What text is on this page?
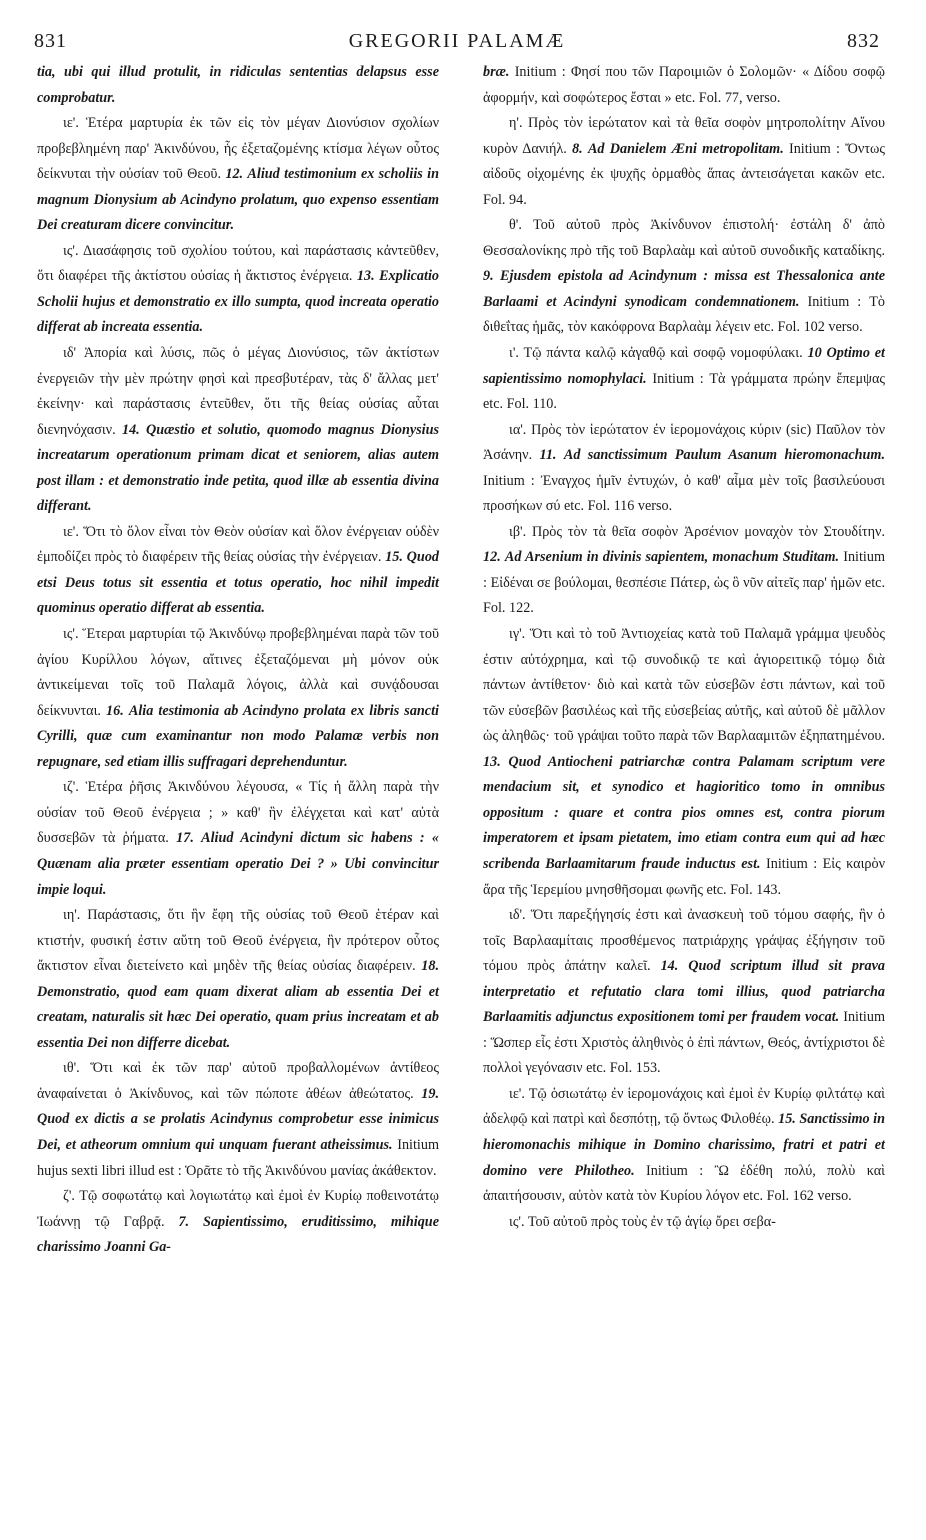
831	GREGORII PALAMÆ	832

tia, ubi qui illud protulit, in ridiculas sententias delapsus esse comprobatur.

ιε'. Ἑτέρα μαρτυρία ἐκ τῶν εἰς τὸν μέγαν Διονύσιον σχολίων προβεβλημένη παρ' Ἀκινδύνου, ἧς ἐξεταζομένης κτίσμα λέγων οὗτος δείκνυται τὴν οὐσίαν τοῦ Θεοῦ. 12. Aliud testimonium ex scholiis in magnum Dionysium ab Acindyno prolatum, quo expenso essentiam Dei creaturam dicere convincitur.

ις'. Διασάφησις τοῦ σχολίου τούτου, καὶ παράστασις κἀντεῦθεν, ὅτι διαφέρει τῆς ἀκτίστου οὐσίας ἡ ἄκτιστος ἐνέργεια. 13. Explicatio Scholii hujus et demonstratio ex illo sumpta, quod increata operatio differat ab increata essentia.

ιδ' Ἀπορία καὶ λύσις, πῶς ὁ μέγας Διονύσιος, τῶν ἀκτίστων ἐνεργειῶν τὴν μὲν πρώτην φησὶ καὶ πρεσβυτέραν, τὰς δ' ἄλλας μετ' ἐκείνην· καὶ παράστασις ἐντεῦθεν, ὅτι τῆς θείας οὐσίας αὗται διενηνόχασιν. 14. Quæstio et solutio, quomodo magnus Dionysius increatarum operationum primam dicat et seniorem, alias autem post illam : et demonstratio inde petita, quod illæ ab essentia divina differant.

ιε'. Ὅτι τὸ ὅλον εἶναι τὸν Θεὸν οὐσίαν καὶ ὅλον ἐνέργειαν οὐδὲν ἐμποδίζει πρὸς τὸ διαφέρειν τῆς θείας οὐσίας τὴν ἐνέργειαν. 15. Quod etsi Deus totus sit essentia et totus operatio, hoc nihil impedit quominus operatio differat ab essentia.

ις'. Ἕτεραι μαρτυρίαι τῷ Ἀκινδύνῳ προβεβλημέναι παρὰ τῶν τοῦ ἁγίου Κυρίλλου λόγων, αἵτινες ἐξεταζόμεναι μὴ μόνον οὐκ ἀντικείμεναι τοῖς τοῦ Παλαμᾶ λόγοις, ἀλλὰ καὶ συνᾴδουσαι δείκνυνται. 16. Alia testimonia ab Acindyno prolata ex libris sancti Cyrilli, quæ cum examinantur non modo Palamæ verbis non repugnare, sed etiam illis suffragari deprehenduntur.

ιζ'. Ἑτέρα ῥῆσις Ἀκινδύνου λέγουσα, « Τίς ἡ ἄλλη παρὰ τὴν οὐσίαν τοῦ Θεοῦ ἐνέργεια ; » καθ' ἣν ἐλέγχεται καὶ κατ' αὐτὰ δυσσεβῶν τὰ ῥήματα. 17. Aliud Acindyni dictum sic habens : « Quænam alia præter essentiam operatio Dei ? » Ubi convincitur impie loqui.

ιη'. Παράστασις, ὅτι ἣν ἔφη τῆς οὐσίας τοῦ Θεοῦ ἑτέραν καὶ κτιστήν, φυσική ἐστιν αὕτη τοῦ Θεοῦ ἐνέργεια, ἣν πρότερον οὗτος ἄκτιστον εἶναι διετείνετο καὶ μηδὲν τῆς θείας οὐσίας διαφέρειν. 18. Demonstratio, quod eam quam dixerat aliam ab essentia Dei et creatam, naturalis sit hæc Dei operatio, quam prius increatam et ab essentia Dei non differre dicebat.

ιθ'. Ὅτι καὶ ἐκ τῶν παρ' αὐτοῦ προβαλλομένων ἀντίθεος ἀναφαίνεται ὁ Ἀκίνδυνος, καὶ τῶν πώποτε ἀθέων ἀθεώτατος. 19. Quod ex dictis a se prolatis Acindynus comprobetur esse inimicus Dei, et atheorum omnium qui unquam fuerant atheissimus. Initium hujus sexti libri illud est : Ὁρᾶτε τὸ τῆς Ἀκινδύνου μανίας ἀκάθεκτον.

ζ'. Τῷ σοφωτάτῳ καὶ λογιωτάτῳ καὶ ἐμοὶ ἐν Κυρίῳ ποθεινοτάτῳ Ἰωάννῃ τῷ Γαβρᾷ. 7. Sapientissimo, eruditissimo, mihique charissimo Joanni Ga-

bræ. Initium : Φησί που τῶν Παροιμιῶν ὁ Σολομῶν· « Δίδου σοφῷ ἀφορμήν, καὶ σοφώτερος ἔσται » etc. Fol. 77, verso.

η'. Πρὸς τὸν ἱερώτατον καὶ τὰ θεῖα σοφὸν μητροπολίτην Αἴνου κυρὸν Δανιήλ. 8. Ad Danielem Æni metropolitam. Initium : Ὄντως αἰδοῦς οἰχομένης ἐκ ψυχῆς ὁρμαθὸς ἅπας ἀντεισάγεται κακῶν etc. Fol. 94.

θ'. Τοῦ αὐτοῦ πρὸς Ἀκίνδυνον ἐπιστολή· ἐστάλη δ' ἀπὸ Θεσσαλονίκης πρὸ τῆς τοῦ Βαρλαὰμ καὶ αὐτοῦ συνοδικῆς καταδίκης. 9. Ejusdem epistola ad Acindynum : missa est Thessalonica ante Barlaami et Acindyni synodicam condemnationem. Initium : Τὸ διθεΐτας ἡμᾶς, τὸν κακόφρονα Βαρλαὰμ λέγειν etc. Fol. 102 verso.

ι'. Τῷ πάντα καλῷ κἀγαθῷ καὶ σοφῷ νομοφύλακι. 10 Optimo et sapientissimo nomophylaci. Initium : Τὰ γράμματα πρώην ἔπεμψας etc. Fol. 110.

ια'. Πρὸς τὸν ἱερώτατον ἐν ἱερομονάχοις κύριν (sic) Παῦλον τὸν Ἀσάνην. 11. Ad sanctissimum Paulum Asanum hieromonachum. Initium : Ἐναγχος ἡμῖν ἐντυχών, ὁ καθ' αἷμα μὲν τοῖς βασιλεύουσι προσήκων σύ etc. Fol. 116 verso.

ιβ'. Πρὸς τὸν τὰ θεῖα σοφὸν Ἀρσένιον μοναχὸν τὸν Στουδίτην. 12. Ad Arsenium in divinis sapientem, monachum Studitam. Initium : Εἰδέναι σε βούλομαι, θεσπέσιε Πάτερ, ὡς ὃ νῦν αἰτεῖς παρ' ἡμῶν etc. Fol. 122.

ιγ'. Ὅτι καὶ τὸ τοῦ Ἀντιοχείας κατὰ τοῦ Παλαμᾶ γράμμα ψευδὸς ἐστιν αὐτόχρημα, καὶ τῷ συνοδικῷ τε καὶ ἁγιορειτικῷ τόμῳ διὰ πάντων ἀντίθετον· διὸ καὶ κατὰ τῶν εὐσεβῶν ἐστι πάντων, καὶ τοῦ τῶν εὐσεβῶν βασιλέως καὶ τῆς εὐσεβείας αὐτῆς, καὶ αὐτοῦ δὲ μᾶλλον ὡς ἀληθῶς· τοῦ γράψαι τοῦτο παρὰ τῶν Βαρλααμιτῶν ἐξηπατημένου. 13. Quod Antiocheni patriarchæ contra Palamam scriptum vere mendacium sit, et synodico et hagioritico tomo in omnibus oppositum : quare et contra pios omnes est, contra piorum imperatorem et ipsam pietatem, imo etiam contra eum qui ad hæc scribenda Barlaamitarum fraude inductus est. Initium : Εἰς καιρὸν ἄρα τῆς Ἱερεμίου μνησθῆσομαι φωνῆς etc. Fol. 143.

ιδ'. Ὅτι παρεξήγησίς ἐστι καὶ ἀνασκευὴ τοῦ τόμου σαφής, ἣν ὁ τοῖς Βαρλααμίταις προσθέμενος πατριάρχης γράψας ἐξήγησιν τοῦ τόμου πρὸς ἀπάτην καλεῖ. 14. Quod scriptum illud sit prava interpretatio et refutatio clara tomi illius, quod patriarcha Barlaamitis adjunctus expositionem tomi per fraudem vocat. Initium : Ὥσπερ εἷς ἐστι Χριστὸς ἀληθινὸς ὁ ἐπὶ πάντων, Θεός, ἀντίχριστοι δὲ πολλοὶ γεγόνασιν etc. Fol. 153.

ιε'. Τῷ ὁσιωτάτῳ ἐν ἱερομονάχοις καὶ ἐμοὶ ἐν Κυρίῳ φιλτάτῳ καὶ ἀδελφῷ καὶ πατρὶ καὶ δεσπότῃ, τῷ ὄντως Φιλοθέῳ. 15. Sanctissimo in hieromonachis mihique in Domino charissimo, fratri et patri et domino vere Philotheo. Initium : Ὢ ἐδέθη πολύ, πολὺ καὶ ἀπαιτήσουσιν, αὐτὸν κατὰ τὸν Κυρίου λόγον etc. Fol. 162 verso.

ις'. Τοῦ αὐτοῦ πρὸς τοὺς ἐν τῷ ἁγίῳ ὄρει σεβα-
